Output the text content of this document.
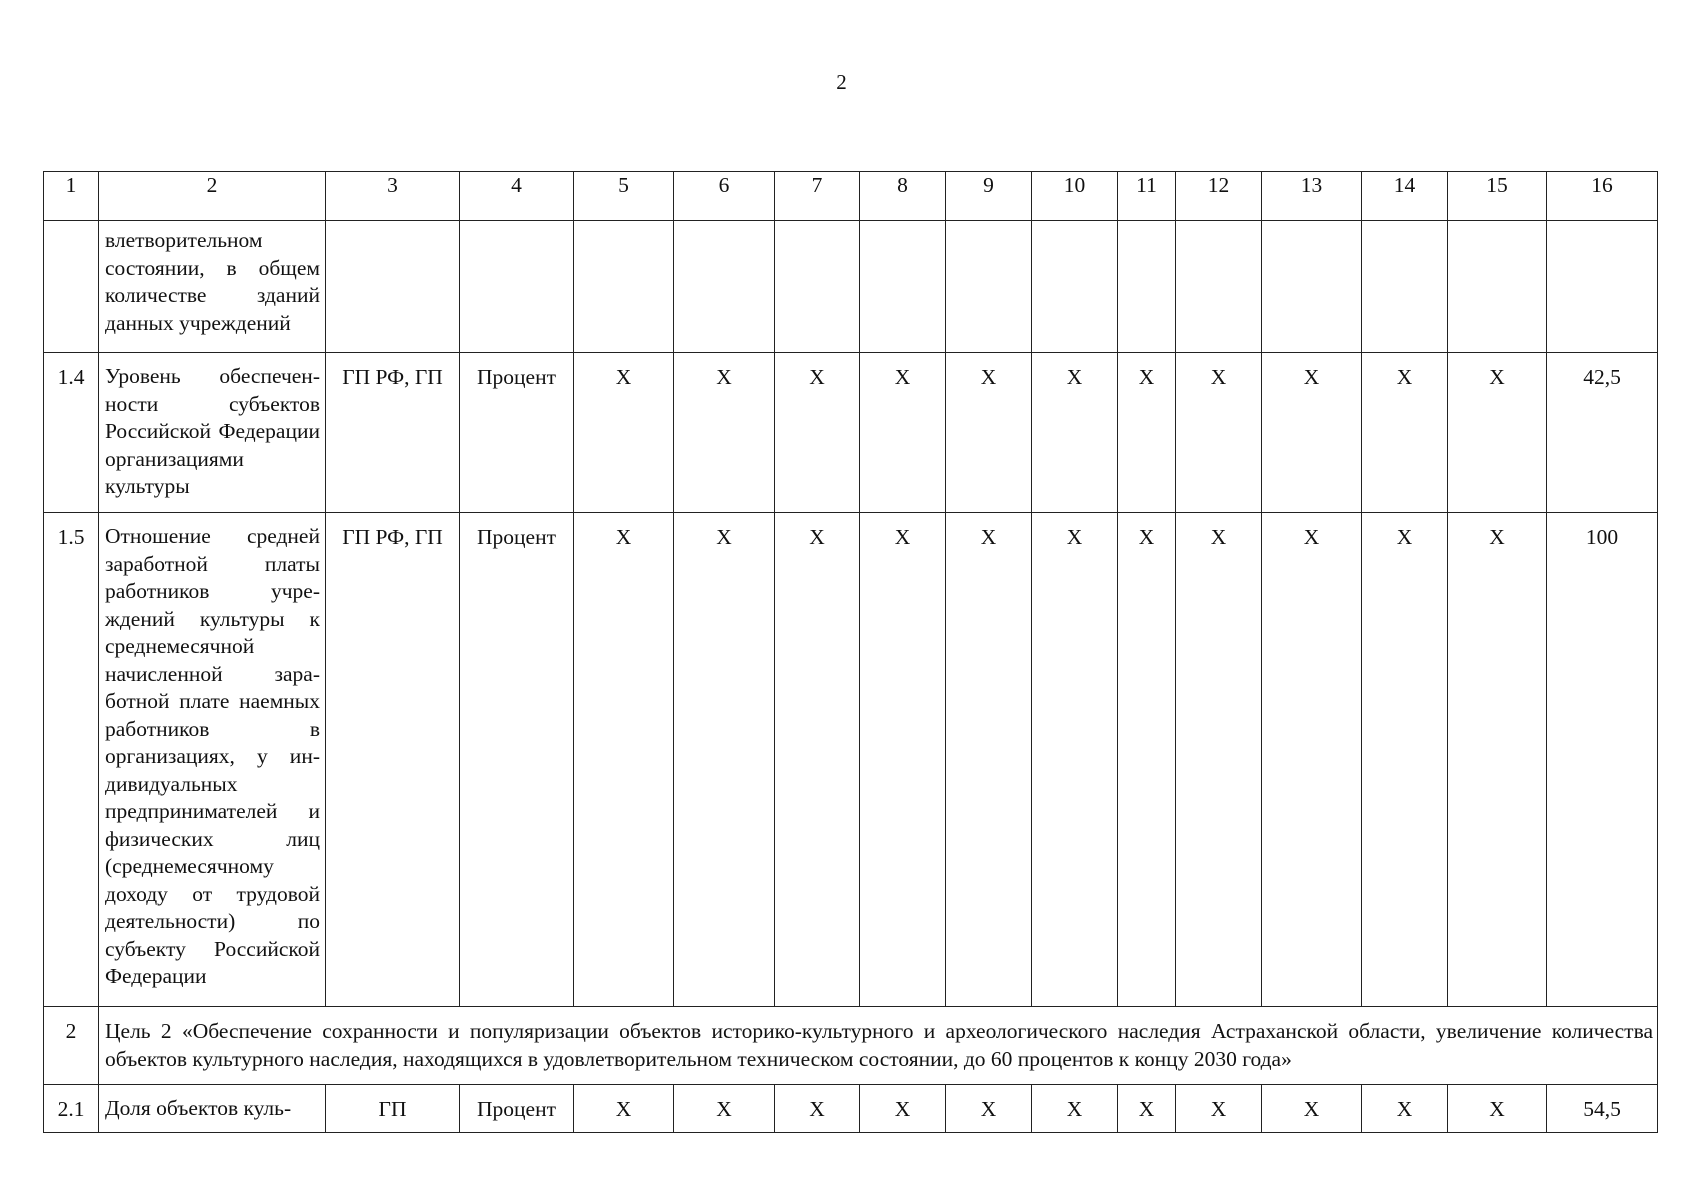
2
1	2	3	4	5	6	7	8	9	10	11	12	13	14	15	16
	влетворительном состоянии, в общем количестве зданий данных учреждений														
1.4	Уровень обеспеченности субъектов Российской Федерации организациями культуры	ГП РФ, ГП	Процент	X	X	X	X	X	X	X	X	X	X	X	42,5
1.5	Отношение средней заработной платы работников учреждений культуры к среднемесячной начисленной заработной плате наемных работников в организациях, у индивидуальных предпринимателей и физических лиц (среднемесячному доходу от трудовой деятельности) по субъекту Российской Федерации	ГП РФ, ГП	Процент	X	X	X	X	X	X	X	X	X	X	X	100
2	Цель 2 «Обеспечение сохранности и популяризации объектов историко-культурного и археологического наследия Астраханской области, увеличение количества объектов культурного наследия, находящихся в удовлетворительном техническом состоянии, до 60 процентов к концу 2030 года»														
2.1	Доля объектов куль-	ГП	Процент	X	X	X	X	X	X	X	X	X	X	X	54,5
